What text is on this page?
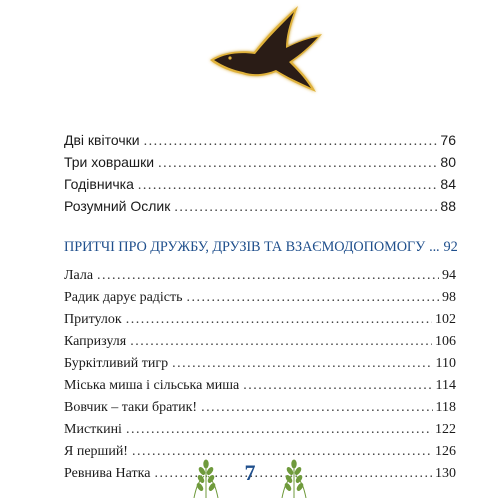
Дві квіточки . . .	76
Три ховрашки . . .	80
Годівничка . . .	84
Розумний Ослик . . .	88
ПРИТЧІ ПРО ДРУЖБУ, ДРУЗІВ ТА ВЗАЄМОДОПОМОГУ ... 92
Лала . . .	94
Радик дарує радість . . .	98
Притулок . . .	102
Капризуля . . .	106
Буркітливий тигр . . .	110
Міська миша і сільська миша . . .	114
Вовчик – таки братик! . . .	118
Мисткині . . .	122
Я перший! . . .	126
Ревнива Натка . . .	130
7
